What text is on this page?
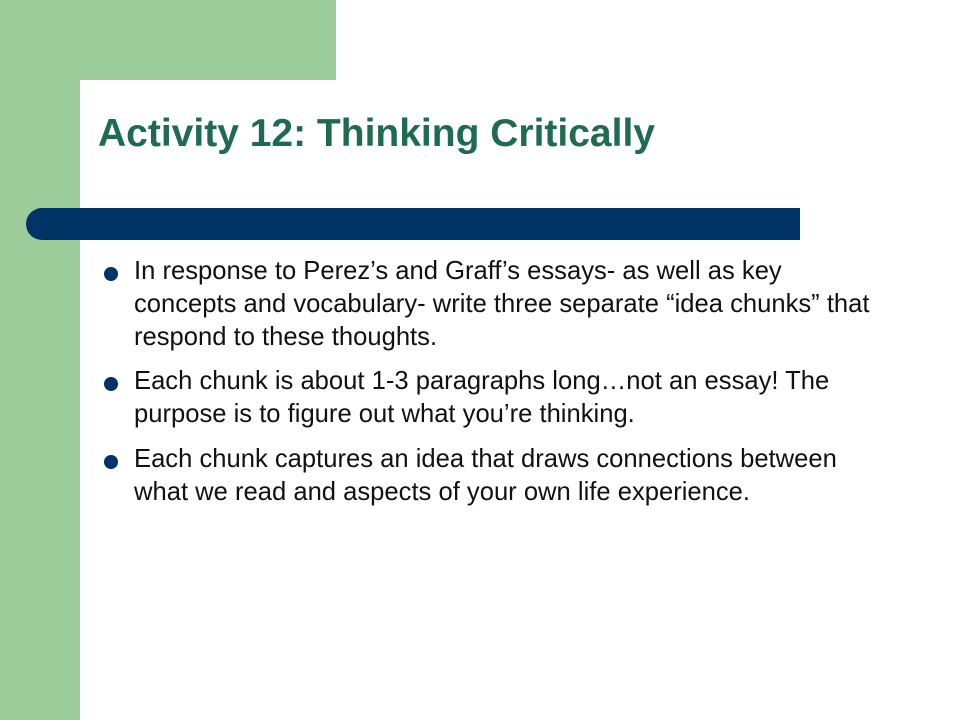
Activity 12: Thinking Critically
In response to Perez’s and Graff’s essays- as well as key concepts and vocabulary- write three separate “idea chunks” that respond to these thoughts.
Each chunk is about 1-3 paragraphs long…not an essay! The purpose is to figure out what you’re thinking.
Each chunk captures an idea that draws connections between what we read and aspects of your own life experience.
